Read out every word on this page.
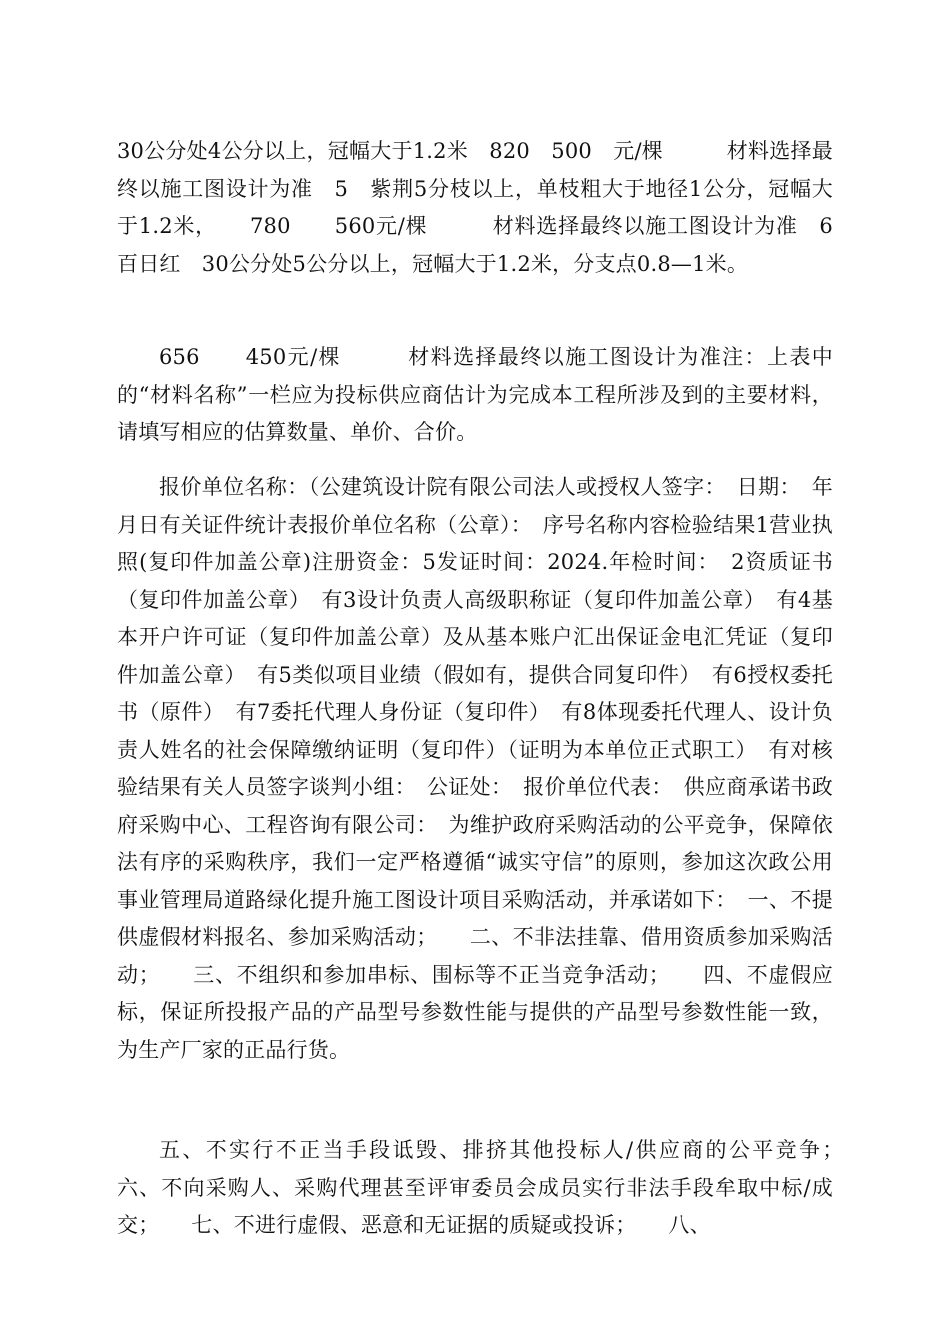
30公分处4公分以上，冠幅大于1.2米　820　500　元/棵　　　材料选择最终以施工图设计为准　5　紫荆5分枝以上，单枝粗大于地径1公分，冠幅大于1.2米，　　780　　560元/棵　　　材料选择最终以施工图设计为准　6　百日红　30公分处5公分以上，冠幅大于1.2米，分支点0.8—1米。

656　　450元/棵　　　材料选择最终以施工图设计为准注：上表中的“材料名称”一栏应为投标供应商估计为完成本工程所涉及到的主要材料，请填写相应的估算数量、单价、合价。

报价单位名称：（公建筑设计院有限公司法人或授权人签字：　日期：　年月日有关证件统计表报价单位名称（公章）：　序号名称内容检验结果1营业执照(复印件加盖公章)注册资金：5发证时间：2024.年检时间：　2资质证书（复印件加盖公章）　有3设计负责人高级职称证（复印件加盖公章）　有4基本开户许可证（复印件加盖公章）及从基本账户汇出保证金电汇凭证（复印件加盖公章）　有5类似项目业绩（假如有，提供合同复印件）　有6授权委托书（原件）　有7委托代理人身份证（复印件）　有8体现委托代理人、设计负责人姓名的社会保障缴纳证明（复印件）（证明为本单位正式职工）　有对核验结果有关人员签字谈判小组：　公证处：　报价单位代表：　供应商承诺书政府采购中心、工程咨询有限公司：　为维护政府采购活动的公平竞争，保障依法有序的采购秩序，我们一定严格遵循“诚实守信”的原则，参加这次政公用事业管理局道路绿化提升施工图设计项目采购活动，并承诺如下：　一、不提供虚假材料报名、参加采购活动；　　二、不非法挂靠、借用资质参加采购活动；　　三、不组织和参加串标、围标等不正当竞争活动；　　四、不虚假应标，保证所投报产品的产品型号参数性能与提供的产品型号参数性能一致，为生产厂家的正品行货。

五、不实行不正当手段诋毁、排挤其他投标人/供应商的公平竞争；　六、不向采购人、采购代理甚至评审委员会成员实行非法手段牟取中标/成交；　　七、不进行虚假、恶意和无证据的质疑或投诉；　　八、
